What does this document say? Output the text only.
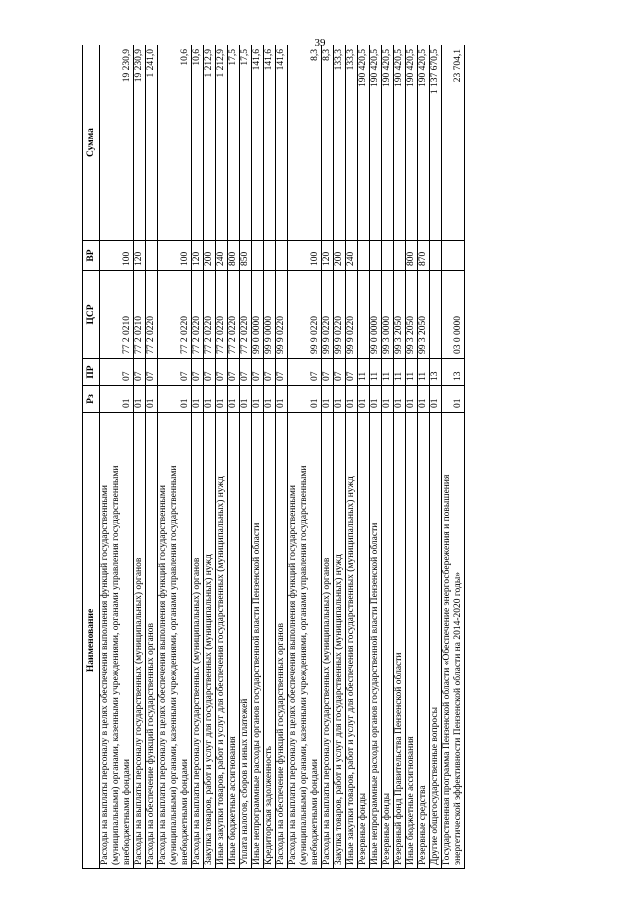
39
Наименование	Рз	ПР	ЦСР	ВР	Сумма
Расходы на выплаты персоналу в целях обеспечения выполнения функций государственными (муниципальными) органами, казенными учреждениями, органами управления государственными внебюджетными фондами	01	07	77 2 0210	100	19 230,9
Расходы на выплаты персоналу государственных (муниципальных) органов	01	07	77 2 0210	120	19 230,9
Расходы на обеспечение функций государственных органов	01	07	77 2 0220		1 241,0
Расходы на выплаты персоналу в целях обеспечения выполнения функций государственными (муниципальными) органами, казенными учреждениями, органами управления государственными внебюджетными фондами	01	07	77 2 0220	100	10,6
Расходы на выплаты персоналу государственных (муниципальных) органов	01	07	77 2 0220	120	10,6
Закупка товаров, работ и услуг для государственных (муниципальных) нужд	01	07	77 2 0220	200	1 212,9
Иные закупки товаров, работ и услуг для обеспечения государственных (муниципальных) нужд	01	07	77 2 0220	240	1 212,9
Иные бюджетные ассигнования	01	07	77 2 0220	800	17,5
Уплата налогов, сборов и иных платежей	01	07	77 2 0220	850	17,5
Иные непрограммные расходы органов государственной власти Пензенской области	01	07	99 0 0000		141,6
Кредиторская задолженность	01	07	99 9 0000		141,6
Расходы на обеспечение функций государственных органов	01	07	99 9 0220		141,6
Расходы на выплаты персоналу в целях обеспечения выполнения функций государственными (муниципальными) органами, казенными учреждениями, органами управления государственными внебюджетными фондами	01	07	99 9 0220	100	8,3
Расходы на выплаты персоналу государственных (муниципальных) органов	01	07	99 9 0220	120	8,3
Закупка товаров, работ и услуг для государственных (муниципальных) нужд	01	07	99 9 0220	200	133,3
Иные закупки товаров, работ и услуг для обеспечения государственных (муниципальных) нужд	01	07	99 9 0220	240	133,3
Резервные фонды	01	11			190 420,5
Иные непрограммные расходы органов государственной власти Пензенской области	01	11	99 0 0000		190 420,5
Резервные фонды	01	11	99 3 0000		190 420,5
Резервный фонд Правительства Пензенской области	01	11	99 3 2050		190 420,5
Иные бюджетные ассигнования	01	11	99 3 2050	800	190 420,5
Резервные средства	01	11	99 3 2050	870	190 420,5
Другие общегосударственные вопросы	01	13			1 137 670,5
Государственная программа Пензенской области «Обеспечение энергосбережения и повышения энергетической эффективности Пензенской области на 2014-2020 годы»	01	13	03 0 0000		23 704,1
